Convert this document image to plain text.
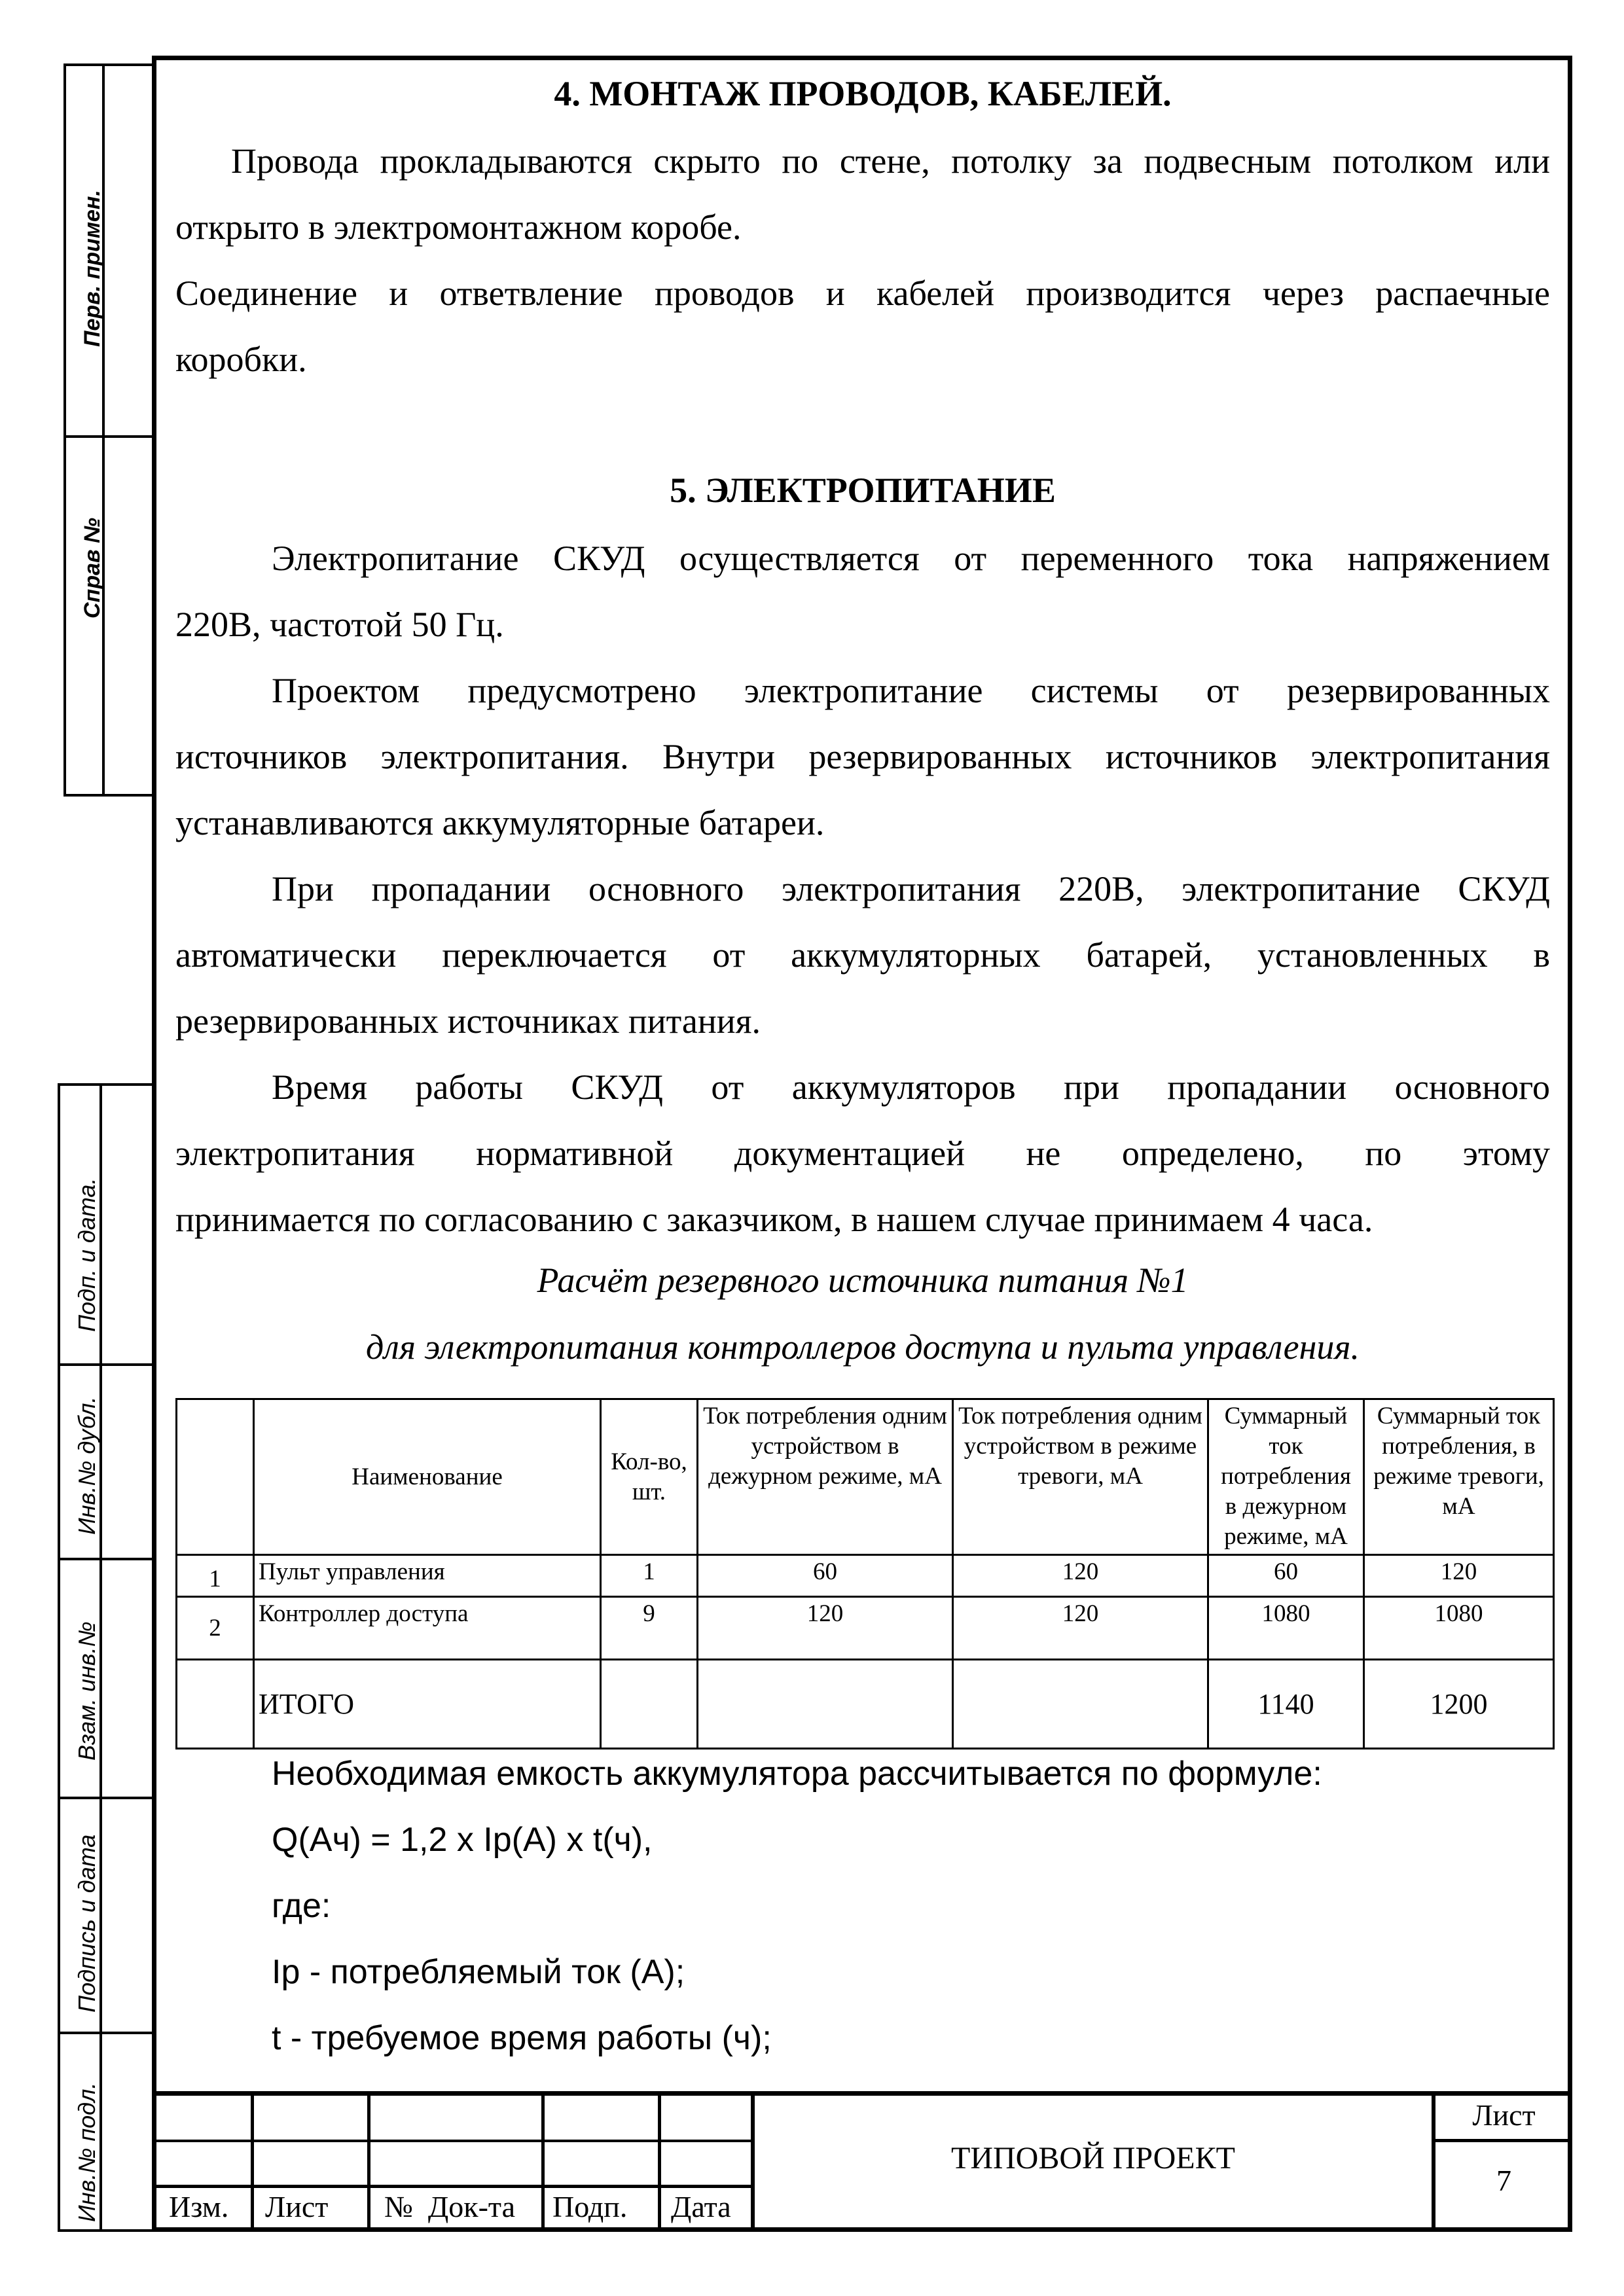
Перв. примен.
Справ №
Подп. и дата.
Инв.№ дубл.
Взам. инв.№
Подпись и дата
Инв.№ подл.
4. МОНТАЖ ПРОВОДОВ, КАБЕЛЕЙ.
Провода прокладываются скрыто по стене, потолку за подвесным потолком или
открыто в электромонтажном коробе.
Соединение и ответвление проводов и кабелей производится через распаечные
коробки.
5. ЭЛЕКТРОПИТАНИЕ
Электропитание СКУД осуществляется от переменного тока напряжением
220В, частотой 50 Гц.
Проектом предусмотрено электропитание системы от резервированных
источников электропитания. Внутри резервированных источников электропитания
устанавливаются аккумуляторные батареи.
При пропадании основного электропитания 220В, электропитание СКУД
автоматически переключается от аккумуляторных батарей, установленных в
резервированных источниках питания.
Время работы СКУД от аккумуляторов при пропадании основного
электропитания нормативной документацией не определено, по этому
принимается по согласованию с заказчиком, в нашем случае принимаем 4 часа.
Расчёт резервного источника питания №1
для электропитания контроллеров доступа и пульта управления.
	Наименование	Кол-во, шт.	Ток потребления одним устройством в дежурном режиме, мА	Ток потребления одним устройством в режиме тревоги, мА	Суммарный ток потребления в дежурном режиме, мА	Суммарный ток потребления, в режиме тревоги, мА
1	Пульт управления	1	60	120	60	120
2	Контроллер доступа	9	120	120	1080	1080
	ИТОГО				1140	1200
Необходимая емкость аккумулятора рассчитывается по формуле:
Q(Ач) = 1,2 х Ip(A) х t(ч),
где:
Ip - потребляемый ток (А);
t - требуемое время работы (ч);
Изм. Лист №  Док-та Подп. Дата
ТИПОВОЙ ПРОЕКТ
Лист
7
